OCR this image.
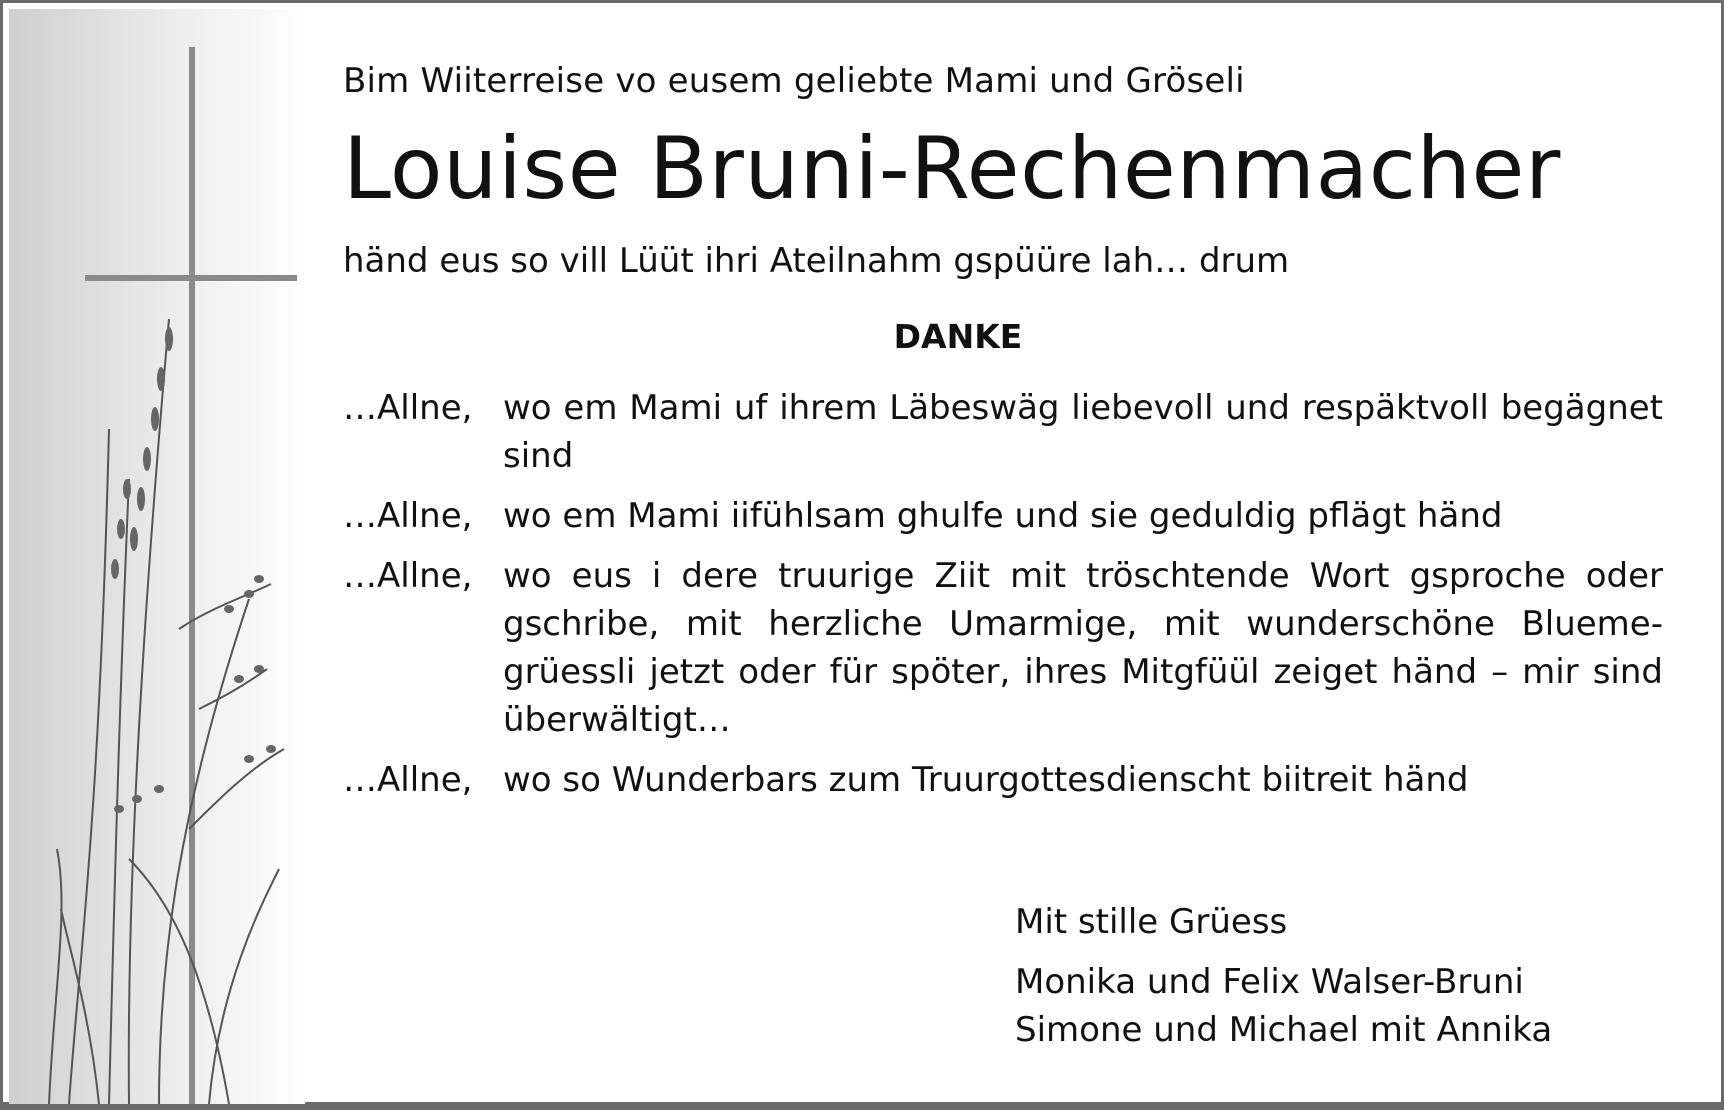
Bim Wiiterreise vo eusem geliebte Mami und Gröseli

Louise Bruni-Rechenmacher

händ eus so vill Lüüt ihri Ateilnahm gspüüre lah… drum

DANKE

…Allne, wo em Mami uf ihrem Läbeswäg liebevoll und respäktvoll begägnet sind
…Allne, wo em Mami iifühlsam ghulfe und sie geduldig pflägt händ
…Allne, wo eus i dere truurige Ziit mit tröschtende Wort gsproche oder gschribe, mit herzliche Umarmige, mit wunderschöne Blueme-grüessli jetzt oder für spöter, ihres Mitgfüül zeiget händ – mir sind überwältigt…
…Allne, wo so Wunderbars zum Truurgottesdienscht biitreit händ
Mit stille Grüess
Monika und Felix Walser-Bruni
Simone und Michael mit Annika
